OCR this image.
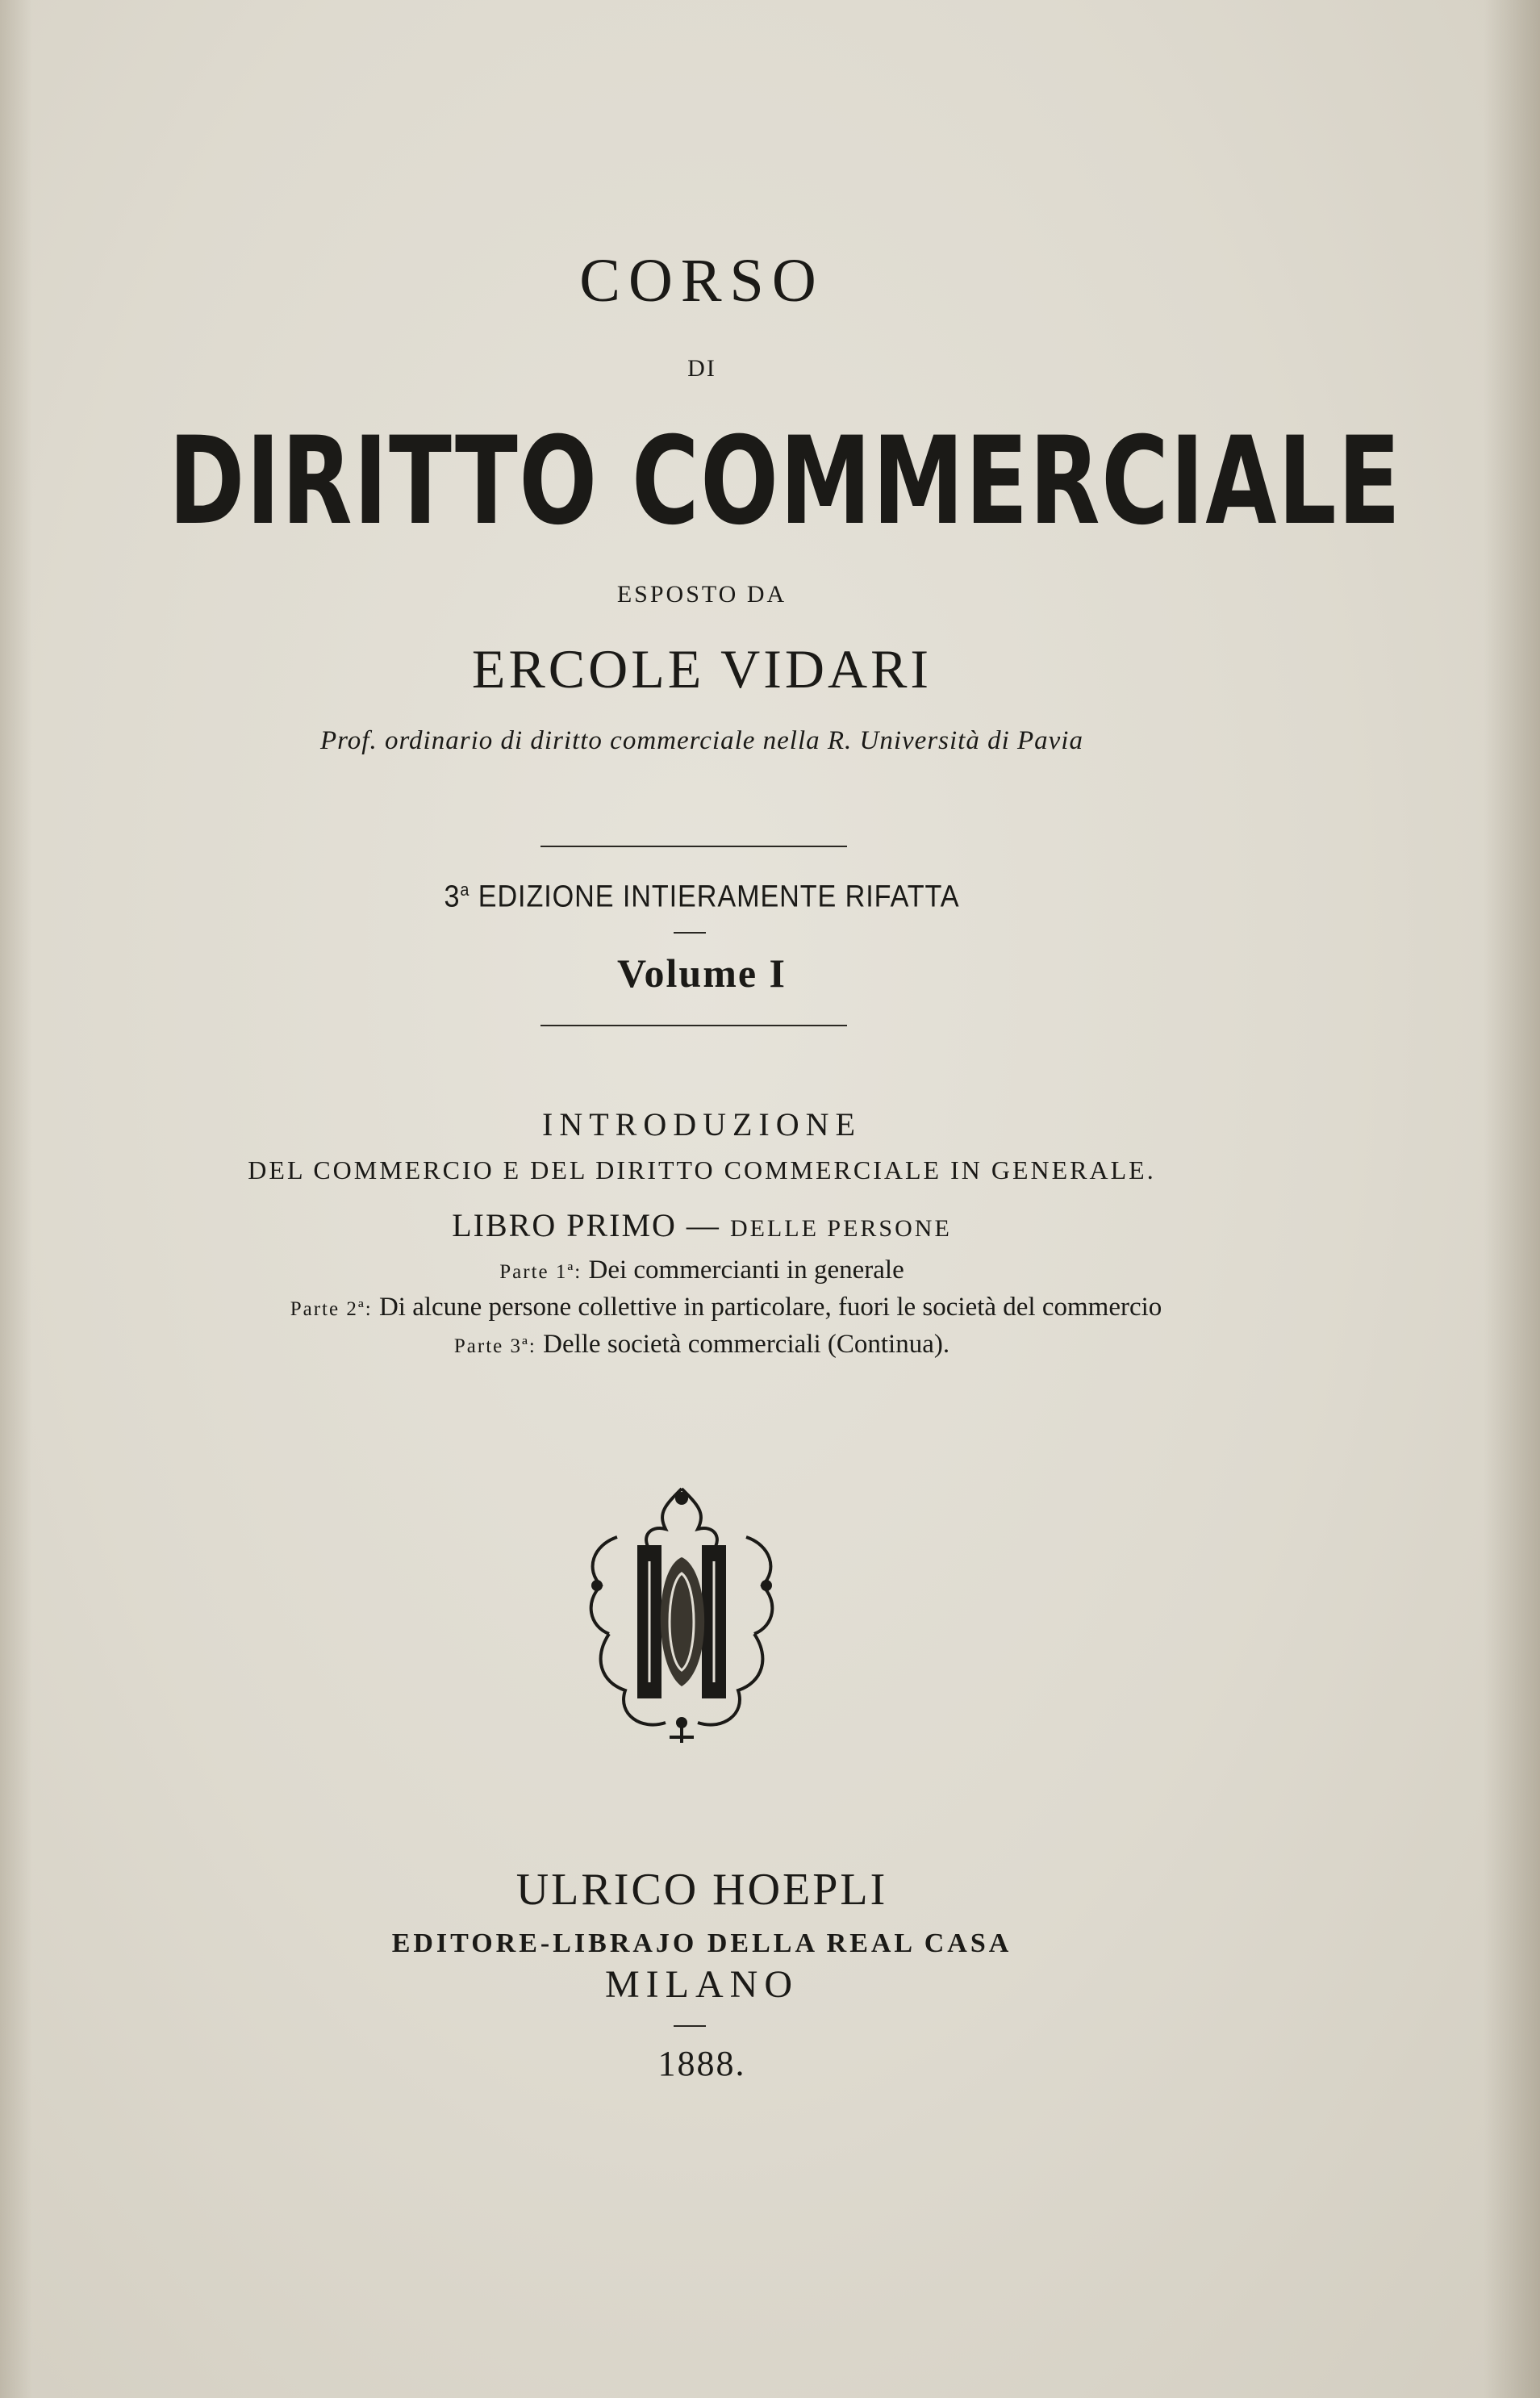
CORSO
DI
DIRITTO COMMERCIALE
ESPOSTO DA
ERCOLE VIDARI
Prof. ordinario di diritto commerciale nella R. Università di Pavia
3$^a$ EDIZIONE INTIERAMENTE RIFATTA
Volume I
INTRODUZIONE
DEL COMMERCIO E DEL DIRITTO COMMERCIALE IN GENERALE.
LIBRO PRIMO — DELLE PERSONE
Parte 1ª: Dei commercianti in generale
Parte 2ª: Di alcune persone collettive in particolare, fuori le società del commercio
Parte 3ª: Delle società commerciali (Continua).
ULRICO HOEPLI
EDITORE-LIBRAJO DELLA REAL CASA
MILANO
1888.
